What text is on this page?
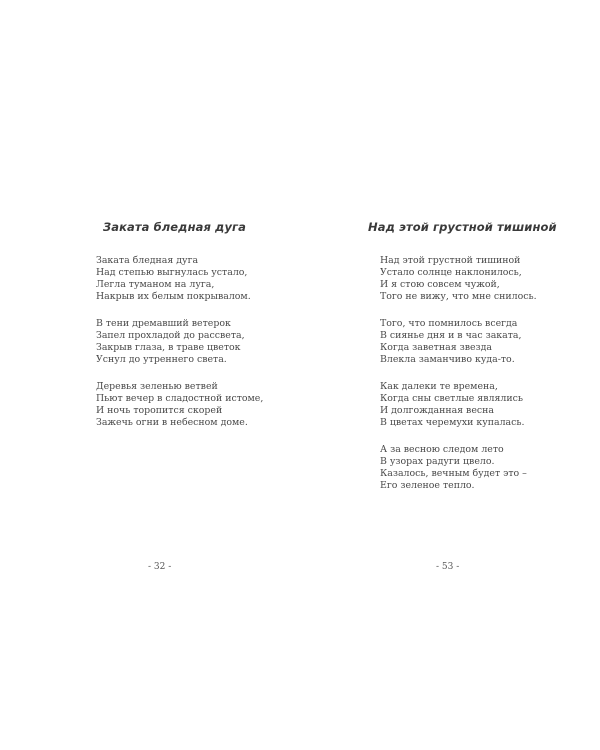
Заката бледная дуга

Заката бледная дуга
Над степью выгнулась устало,
Легла туманом на луга,
Накрыв их белым покрывалом.

В тени дремавший ветерок
Запел прохладой до рассвета,
Закрыв глаза, в траве цветок
Уснул до утреннего света.

Деревья зеленью ветвей
Пьют вечер в сладостной истоме,
И ночь торопится скорей
Зажечь огни в небесном доме.

- 32 -
Над этой грустной тишиной

Над этой грустной тишиной
Устало солнце наклонилось,
И я стою совсем чужой,
Того не вижу, что мне снилось.

Того, что помнилось всегда
В сиянье дня и в час заката,
Когда заветная звезда
Влекла заманчиво куда-то.

Как далеки те времена,
Когда сны светлые являлись
И долгожданная весна
В цветах черемухи купалась.

А за весною следом лето
В узорах радуги цвело.
Казалось, вечным будет это –
Его зеленое тепло.

- 53 -
